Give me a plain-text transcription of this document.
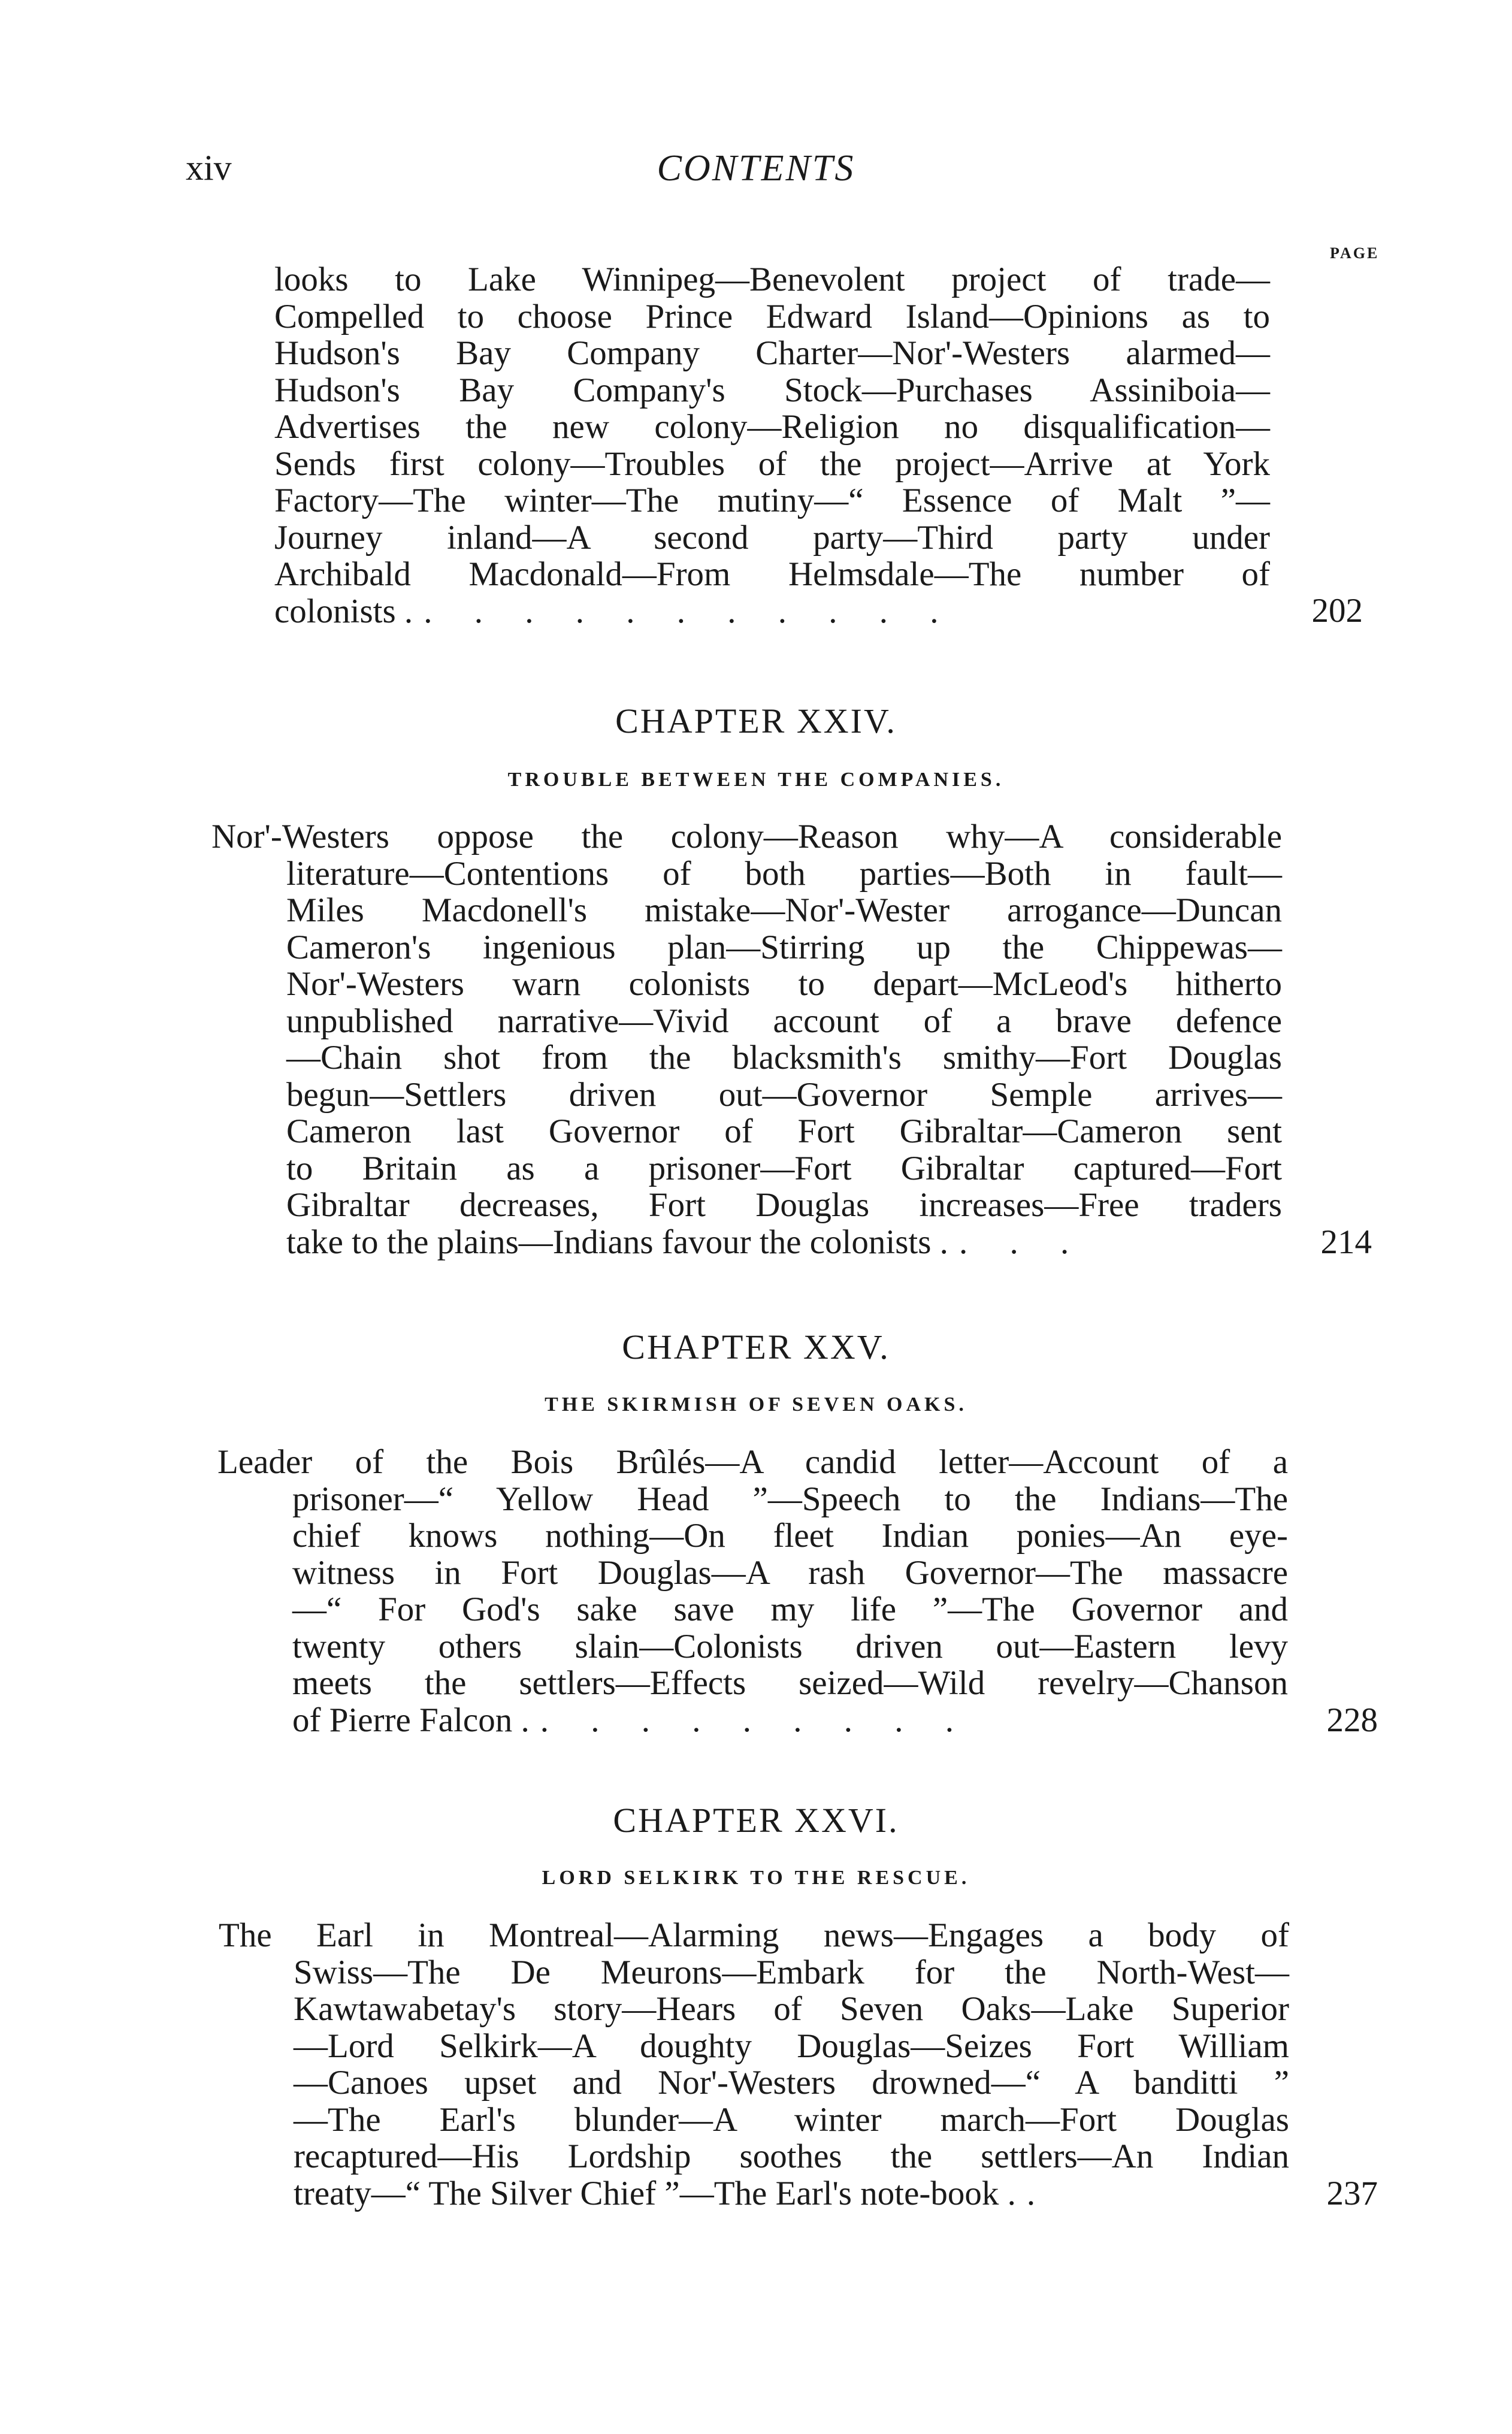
xiv	CONTENTS
PAGE
looks to Lake Winnipeg—Benevolent project of trade—
Compelled to choose Prince Edward Island—Opinions as to
Hudson's Bay Company Charter—Nor'-Westers alarmed—
Hudson's Bay Company's Stock—Purchases Assiniboia—
Advertises the new colony—Religion no disqualification—
Sends first colony—Troubles of the project—Arrive at York
Factory—The winter—The mutiny—“ Essence of Malt ”—
Journey inland—A second party—Third party under
Archibald Macdonald—From Helmsdale—The number of
colonists . . . . . . . . . . . .	202
CHAPTER XXIV.
TROUBLE BETWEEN THE COMPANIES.
Nor'-Westers oppose the colony—Reason why—A considerable
literature—Contentions of both parties—Both in fault—
Miles Macdonell's mistake—Nor'-Wester arrogance—Duncan
Cameron's ingenious plan—Stirring up the Chippewas—
Nor'-Westers warn colonists to depart—McLeod's hitherto
unpublished narrative—Vivid account of a brave defence
—Chain shot from the blacksmith's smithy—Fort Douglas
begun—Settlers driven out—Governor Semple arrives—
Cameron last Governor of Fort Gibraltar—Cameron sent
to Britain as a prisoner—Fort Gibraltar captured—Fort
Gibraltar decreases, Fort Douglas increases—Free traders
take to the plains—Indians favour the colonists . . . .	214
CHAPTER XXV.
THE SKIRMISH OF SEVEN OAKS.
Leader of the Bois Brûlés—A candid letter—Account of a
prisoner—“ Yellow Head ”—Speech to the Indians—The
chief knows nothing—On fleet Indian ponies—An eye-
witness in Fort Douglas—A rash Governor—The massacre
—“ For God's sake save my life ”—The Governor and
twenty others slain—Colonists driven out—Eastern levy
meets the settlers—Effects seized—Wild revelry—Chanson
of Pierre Falcon . . . . . . . . . .	228
CHAPTER XXVI.
LORD SELKIRK TO THE RESCUE.
The Earl in Montreal—Alarming news—Engages a body of
Swiss—The De Meurons—Embark for the North-West—
Kawtawabetay's story—Hears of Seven Oaks—Lake Superior
—Lord Selkirk—A doughty Douglas—Seizes Fort William
—Canoes upset and Nor'-Westers drowned—“ A banditti ”
—The Earl's blunder—A winter march—Fort Douglas
recaptured—His Lordship soothes the settlers—An Indian
treaty—“ The Silver Chief ”—The Earl's note-book . .	237
